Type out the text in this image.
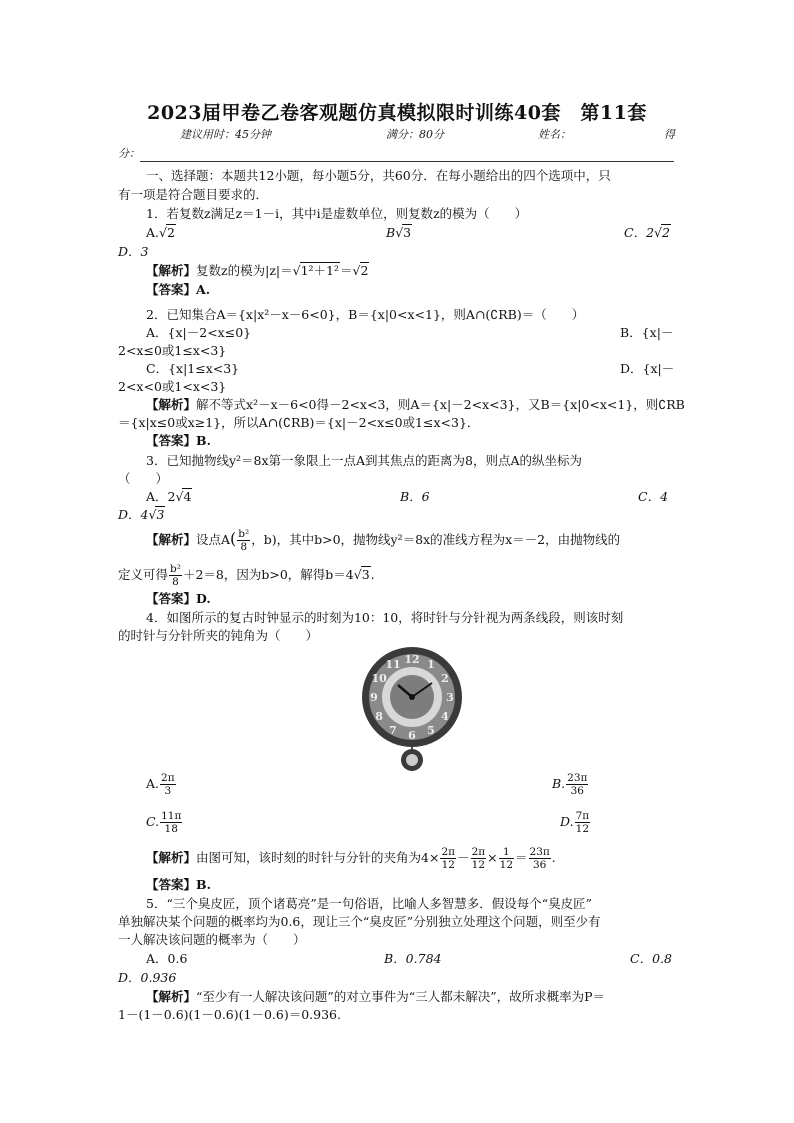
2023届甲卷乙卷客观题仿真模拟限时训练40套　第11套
建议用时：45分钟	满分：80分	姓名：	得
分：
一、选择题：本题共12小题，每小题5分，共60分．在每小题给出的四个选项中，只
有一项是符合题目要求的．
1．若复数z满足z＝1－i，其中i是虚数单位，则复数z的模为（　　）
A.√2	B√3	C．2√2
D．3
【解析】复数z的模为|z|＝√1²＋1²＝√2
【答案】A.
2．已知集合A＝{x|x²－x－6<0}，B＝{x|0<x<1}，则A∩(∁RB)＝（　　）
A．{x|－2<x≤0}	B．{x|－
2<x≤0或1≤x<3}
C．{x|1≤x<3}	D．{x|－
2<x<0或1<x<3}
【解析】解不等式x²－x－6<0得－2<x<3，则A＝{x|－2<x<3}，又B＝{x|0<x<1}，则∁RB
＝{x|x≤0或x≥1}，所以A∩(∁RB)＝{x|－2<x≤0或1≤x<3}．
【答案】B.
3．已知抛物线y²＝8x第一象限上一点A到其焦点的距离为8，则点A的纵坐标为
（　　）
A．2√4	B．6	C．4
D．4√3
【解析】设点$A( \frac{\text{b²}}{8}$ ，b)，其中b>0，抛物线y²＝8x的准线方程为x＝－2，由抛物线的
定义可得 $\frac{\text{b²}}{8} +2=8$，因为b>0，解得b＝4√3.
【答案】D.
4．如图所示的复古时钟显示的时刻为10：10，将时针与分针视为两条线段，则该时刻
的时针与分针所夹的钝角为（　　）
12 1
2
3
4
5
6
7
8
9
10
11
A. $\frac{2\pi}{3}$	B. $\frac{23\pi}{36}$
C. $\frac{11\pi}{18}$	D. $\frac{7\pi}{12}$
【解析】由图可知，该时刻的时针与分针的夹角为$4\times \frac{2\pi}{12} - \frac{2\pi}{12} \times \frac{1}{12} = \frac{23\pi}{36}$ .
【答案】B.
5．“三个臭皮匠，顶个诸葛亮”是一句俗语，比喻人多智慧多．假设每个“臭皮匠”
单独解决某个问题的概率均为0.6，现让三个“臭皮匠”分别独立处理这个问题，则至少有
一人解决该问题的概率为（　　）
A．0.6	B．0.784	C．0.8
D．0.936
【解析】“至少有一人解决该问题”的对立事件为“三人都未解决”，故所求概率为P＝
1－(1－0.6)(1－0.6)(1－0.6)＝0.936.
